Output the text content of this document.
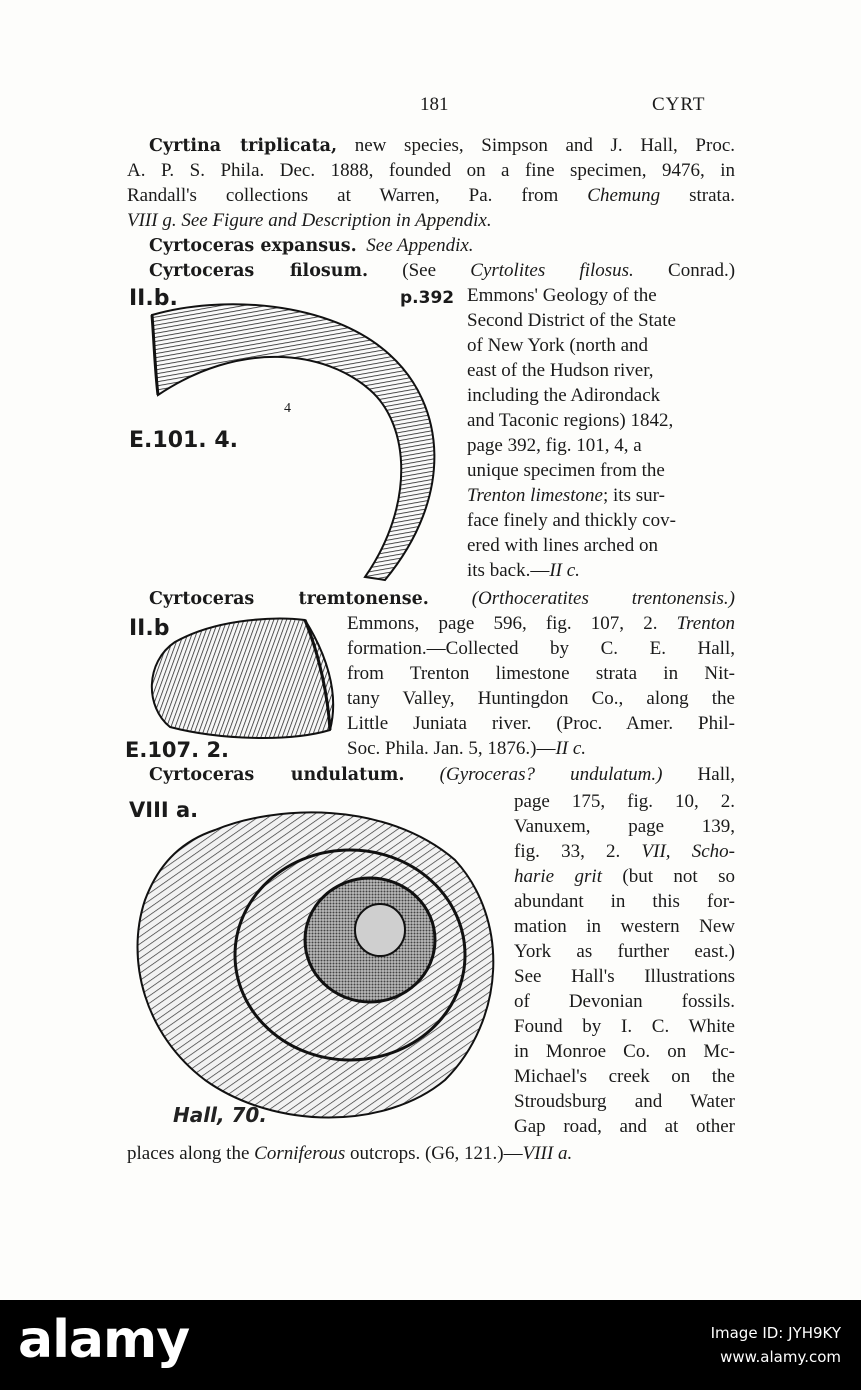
181	CYRT
Cyrtina triplicata, new species, Simpson and J. Hall, Proc.
A. P. S. Phila. Dec. 1888, founded on a fine specimen, 9476, in
Randall's collections at Warren, Pa. from Chemung strata.
VIII g. See Figure and Description in Appendix.
Cyrtoceras expansus. See Appendix.
Cyrtoceras filosum. (See Cyrtolites filosus. Conrad.)
II.b.
E.101. 4.
p.392
4
Emmons' Geology of the
Second District of the State
of New York (north and
east of the Hudson river,
including the Adirondack
and Taconic regions) 1842,
page 392, fig. 101, 4, a
unique specimen from the
Trenton limestone; its sur-
face finely and thickly cov-
ered with lines arched on
its back.—II c.
Cyrtoceras tremtonense. (Orthoceratites trentonensis.)
II.b
E.107. 2.
Emmons, page 596, fig. 107, 2. Trenton
formation.—Collected by C. E. Hall,
from Trenton limestone strata in Nit-
tany Valley, Huntingdon Co., along the
Little Juniata river. (Proc. Amer. Phil-
Soc. Phila. Jan. 5, 1876.)—II c.
Cyrtoceras undulatum. (Gyroceras? undulatum.) Hall,
VIII a.
Hall, 70.
page 175, fig. 10, 2.
Vanuxem, page 139,
fig. 33, 2. VII, Scho-
harie grit (but not so
abundant in this for-
mation in western New
York as further east.)
See Hall's Illustrations
of Devonian fossils.
Found by I. C. White
in Monroe Co. on Mc-
Michael's creek on the
Stroudsburg and Water
Gap road, and at other
places along the Corniferous outcrops. (G6, 121.)—VIII a.
alamy	Image ID: JYH9KY
www.alamy.com
